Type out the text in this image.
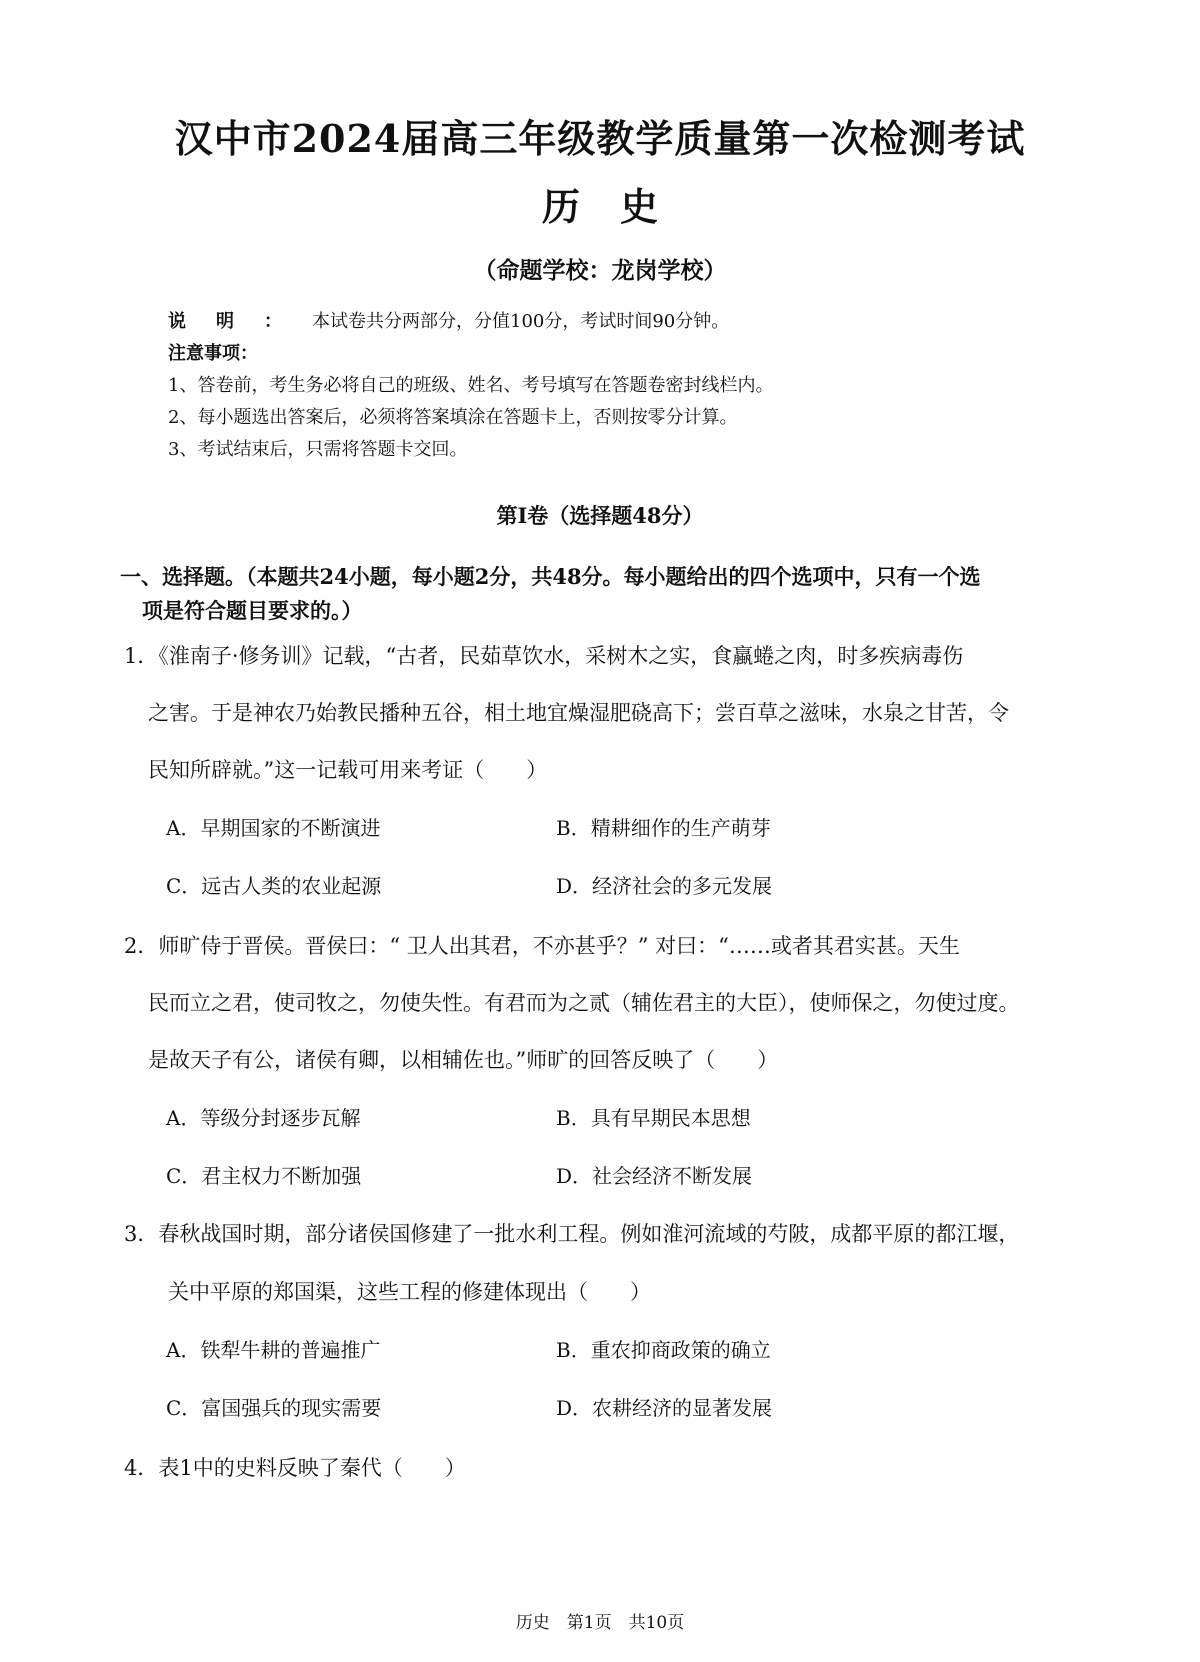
汉中市2024届高三年级教学质量第一次检测考试
历史
（命题学校：龙岗学校）
说明：本试卷共分两部分，分值100分，考试时间90分钟。
注意事项：
1、答卷前，考生务必将自己的班级、姓名、考号填写在答题卷密封线栏内。
2、每小题选出答案后，必须将答案填涂在答题卡上，否则按零分计算。
3、考试结束后，只需将答题卡交回。
第Ⅰ卷（选择题48分）
一、选择题。（本题共24小题，每小题2分，共48分。每小题给出的四个选项中，只有一个选
项是符合题目要求的。）
1．《淮南子·修务训》记载，“古者，民茹草饮水，采树木之实，食蠃蜷之肉，时多疾病毒伤
之害。于是神农乃始教民播种五谷，相土地宜燥湿肥硗高下；尝百草之滋味，水泉之甘苦，令
民知所辟就。”这一记载可用来考证（　　）
A．早期国家的不断演进	B．精耕细作的生产萌芽
C．远古人类的农业起源	D．经济社会的多元发展
2．师旷侍于晋侯。晋侯曰：“ 卫人出其君，不亦甚乎？” 对曰：“……或者其君实甚。天生
民而立之君，使司牧之，勿使失性。有君而为之贰（辅佐君主的大臣），使师保之，勿使过度。
是故天子有公，诸侯有卿，以相辅佐也。”师旷的回答反映了（　　）
A．等级分封逐步瓦解	B．具有早期民本思想
C．君主权力不断加强	D．社会经济不断发展
3．春秋战国时期，部分诸侯国修建了一批水利工程。例如淮河流域的芍陂，成都平原的都江堰，
关中平原的郑国渠，这些工程的修建体现出（　　）
A．铁犁牛耕的普遍推广	B．重农抑商政策的确立
C．富国强兵的现实需要	D．农耕经济的显著发展
4．表1中的史料反映了秦代（　　）
历史　第1页　共10页
